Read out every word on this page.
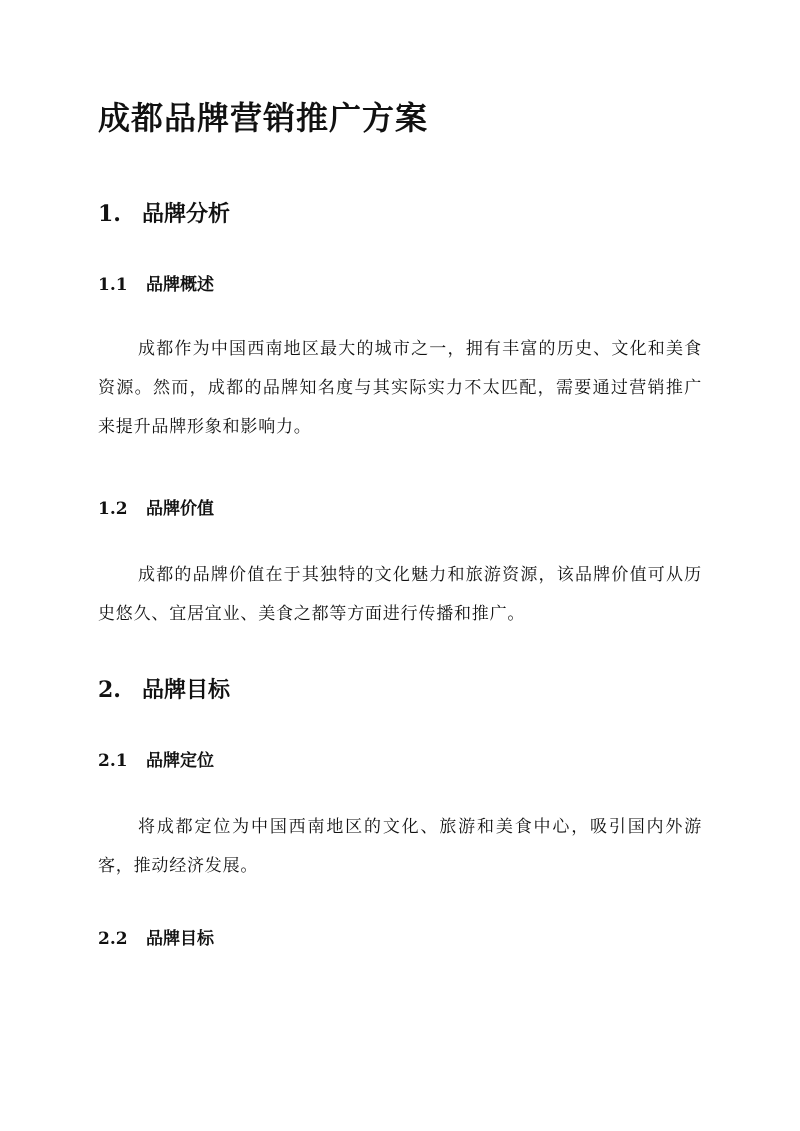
成都品牌营销推广方案
1. 品牌分析
1.1 品牌概述

成都作为中国西南地区最大的城市之一，拥有丰富的历史、文化和美食资源。然而，成都的品牌知名度与其实际实力不太匹配，需要通过营销推广来提升品牌形象和影响力。

1.2 品牌价值

成都的品牌价值在于其独特的文化魅力和旅游资源，该品牌价值可从历史悠久、宜居宜业、美食之都等方面进行传播和推广。

2. 品牌目标
2.1 品牌定位

将成都定位为中国西南地区的文化、旅游和美食中心，吸引国内外游客，推动经济发展。

2.2 品牌目标
